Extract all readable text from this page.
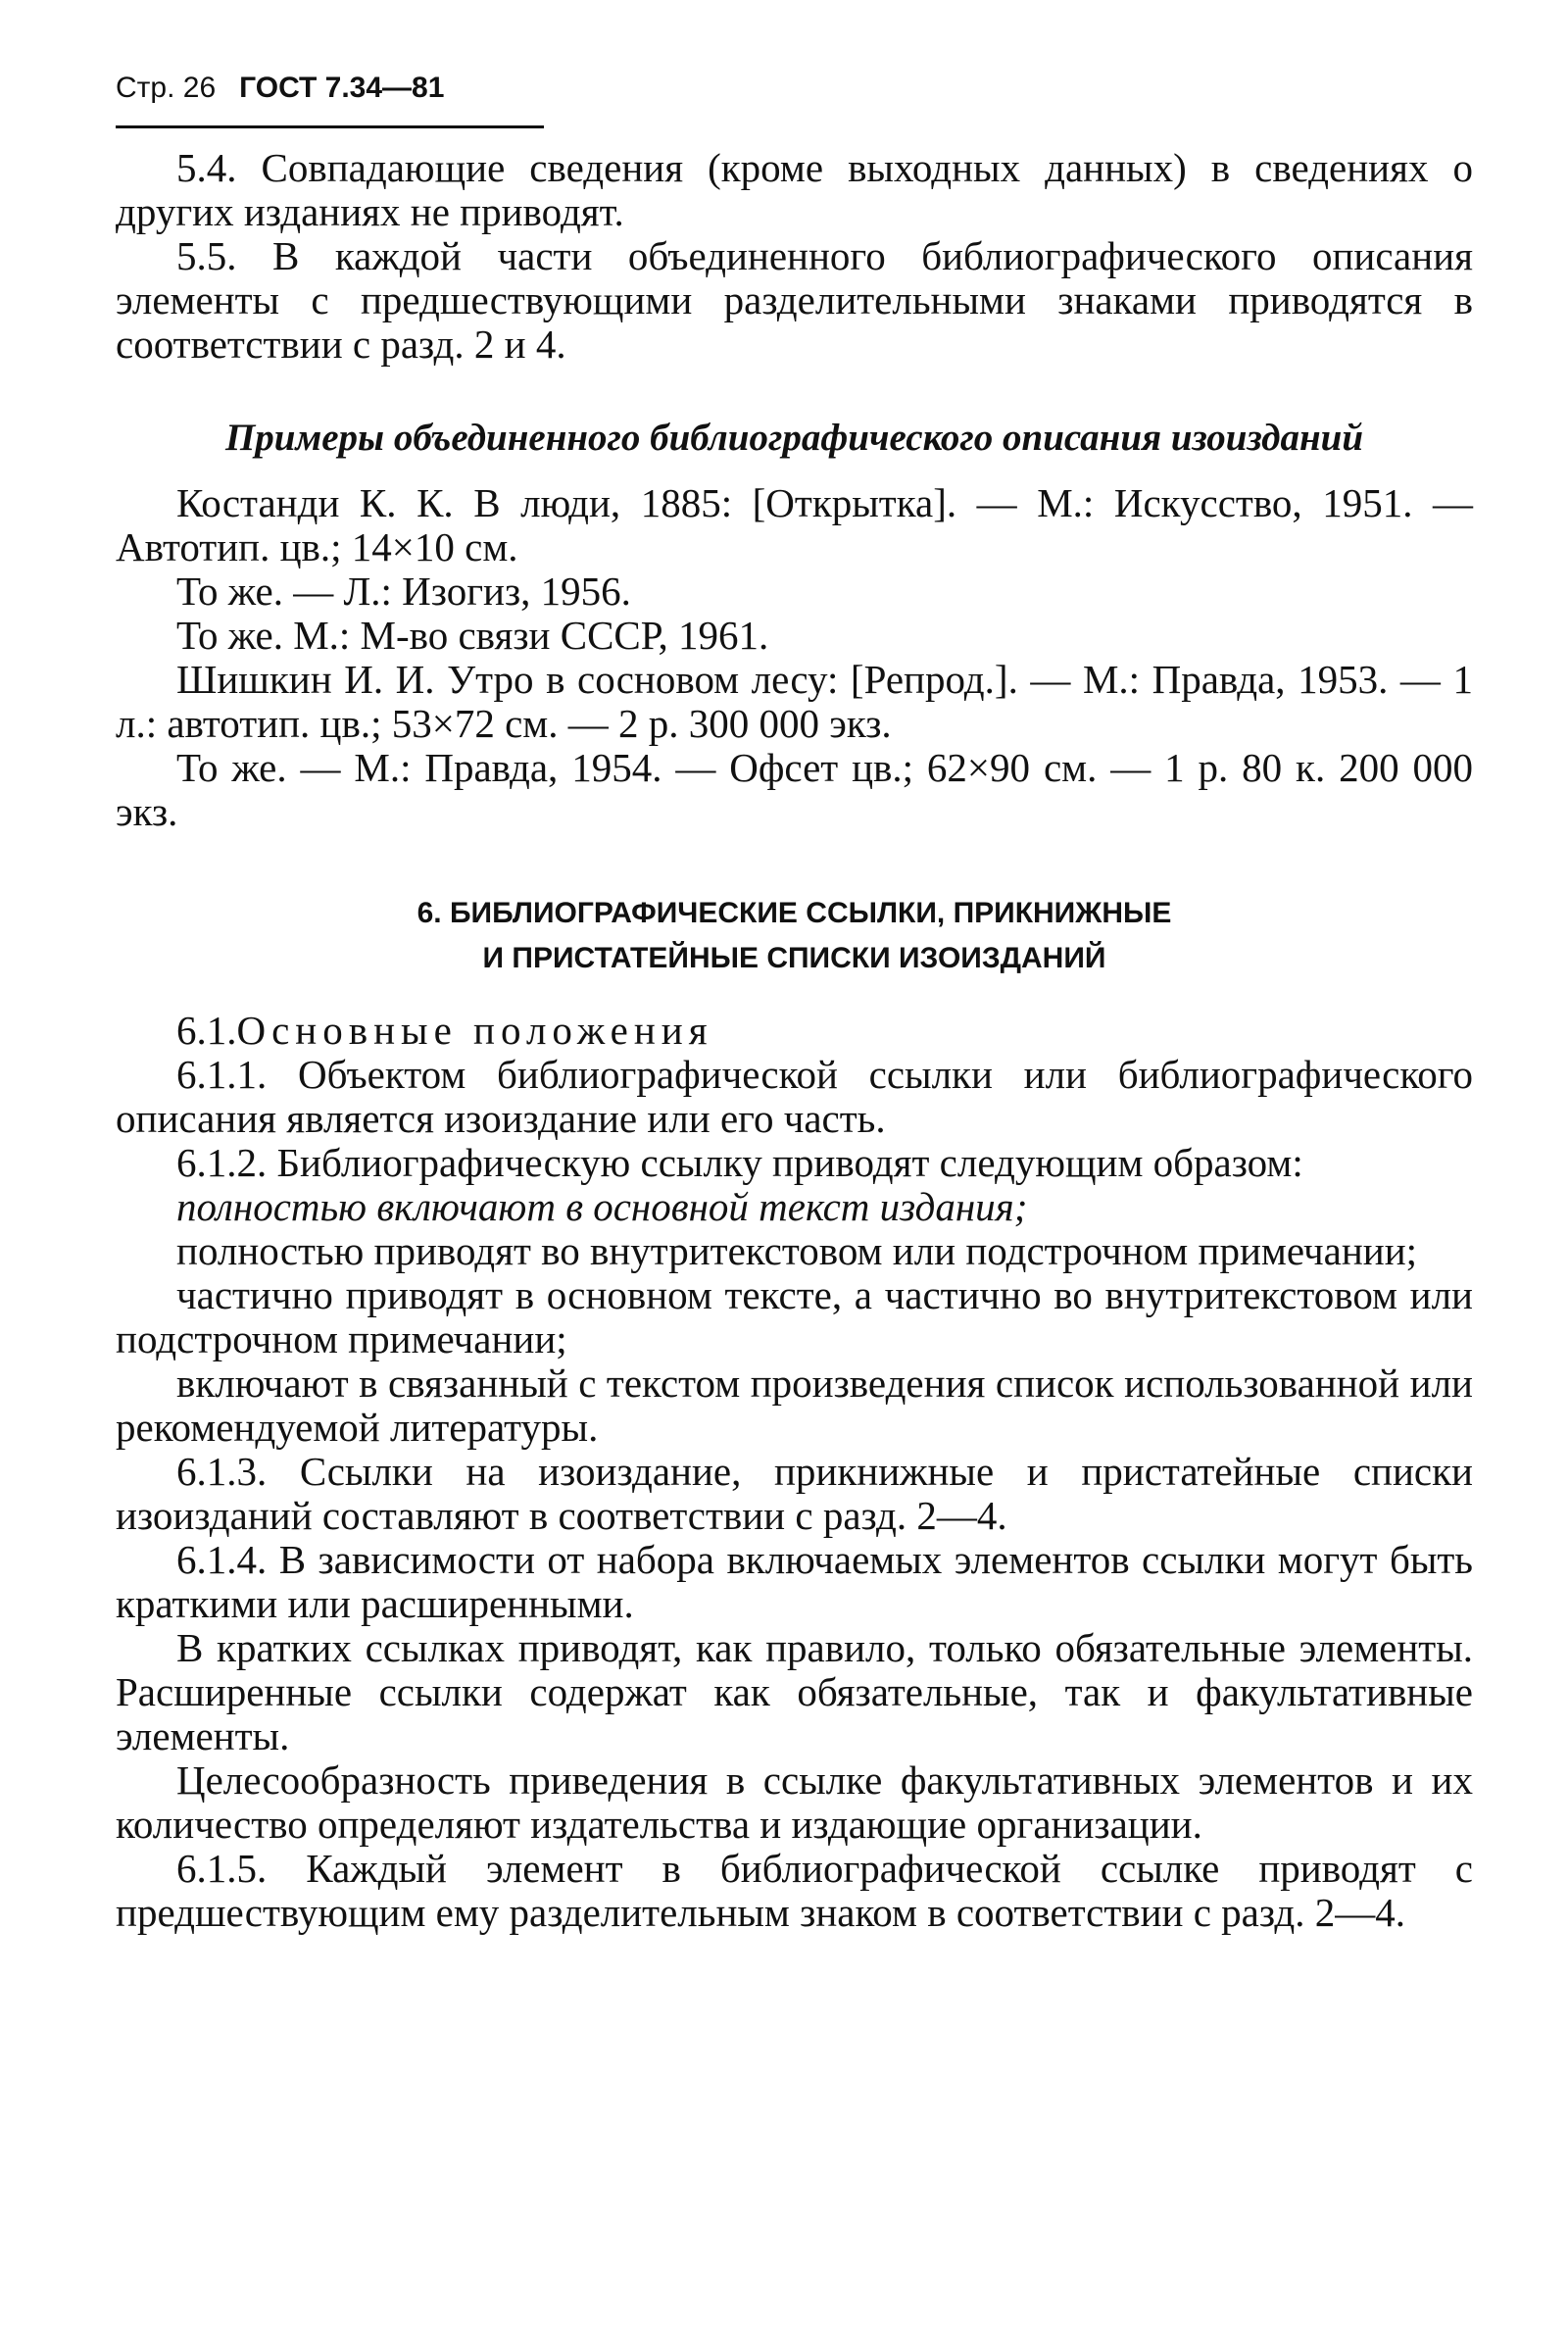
Стр. 26 ГОСТ 7.34—81

5.4. Совпадающие сведения (кроме выходных данных) в сведениях о других изданиях не приводят.

5.5. В каждой части объединенного библиографического описания элементы с предшествующими разделительными знаками приводятся в соответствии с разд. 2 и 4.

Примеры объединенного библиографического описания изоизданий

Костанди К. К. В люди, 1885: [Открытка]. — М.: Искусство, 1951. — Автотип. цв.; 14×10 см.

То же. — Л.: Изогиз, 1956.

То же. М.: М-во связи СССР, 1961.

Шишкин И. И. Утро в сосновом лесу: [Репрод.]. — М.: Правда, 1953. — 1 л.: автотип. цв.; 53×72 см. — 2 р. 300 000 экз.

То же. — М.: Правда, 1954. — Офсет цв.; 62×90 см. — 1 р. 80 к. 200 000 экз.

6. БИБЛИОГРАФИЧЕСКИЕ ССЫЛКИ, ПРИКНИЖНЫЕ
И ПРИСТАТЕЙНЫЕ СПИСКИ ИЗОИЗДАНИЙ

6.1.Основные положения

6.1.1. Объектом библиографической ссылки или библиографического описания является изоиздание или его часть.

6.1.2. Библиографическую ссылку приводят следующим образом:

полностью включают в основной текст издания;

полностью приводят во внутритекстовом или подстрочном примечании;

частично приводят в основном тексте, а частично во внутритекстовом или подстрочном примечании;

включают в связанный с текстом произведения список использованной или рекомендуемой литературы.

6.1.3. Ссылки на изоиздание, прикнижные и пристатейные списки изоизданий составляют в соответствии с разд. 2—4.

6.1.4. В зависимости от набора включаемых элементов ссылки могут быть краткими или расширенными.

В кратких ссылках приводят, как правило, только обязательные элементы. Расширенные ссылки содержат как обязательные, так и факультативные элементы.

Целесообразность приведения в ссылке факультативных элементов и их количество определяют издательства и издающие организации.

6.1.5. Каждый элемент в библиографической ссылке приводят с предшествующим ему разделительным знаком в соответствии с разд. 2—4.
